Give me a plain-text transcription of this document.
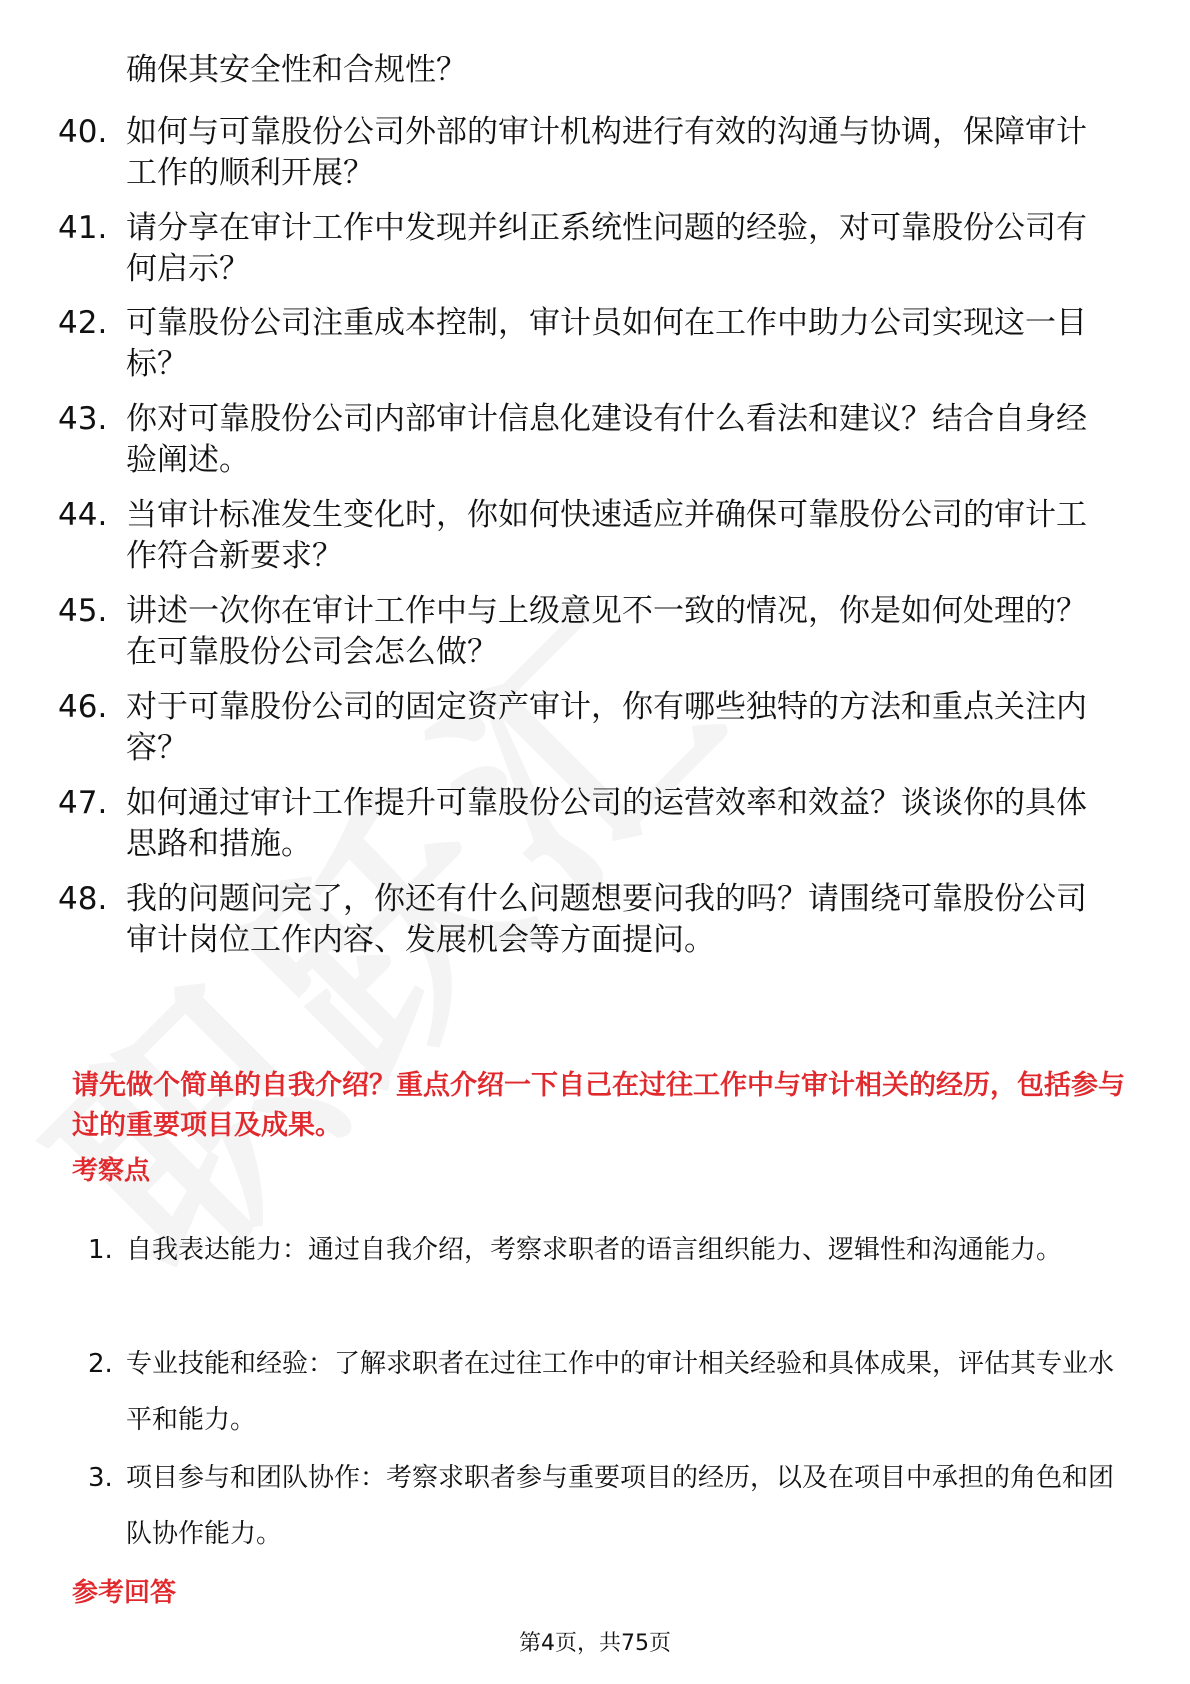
确保其安全性和合规性？
40. 如何与可靠股份公司外部的审计机构进行有效的沟通与协调，保障审计工作的顺利开展？
41. 请分享在审计工作中发现并纠正系统性问题的经验，对可靠股份公司有何启示？
42. 可靠股份公司注重成本控制，审计员如何在工作中助力公司实现这一目标？
43. 你对可靠股份公司内部审计信息化建设有什么看法和建议？结合自身经验阐述。
44. 当审计标准发生变化时，你如何快速适应并确保可靠股份公司的审计工作符合新要求？
45. 讲述一次你在审计工作中与上级意见不一致的情况，你是如何处理的？在可靠股份公司会怎么做？
46. 对于可靠股份公司的固定资产审计，你有哪些独特的方法和重点关注内容？
47. 如何通过审计工作提升可靠股份公司的运营效率和效益？谈谈你的具体思路和措施。
48. 我的问题问完了，你还有什么问题想要问我的吗？请围绕可靠股份公司审计岗位工作内容、发展机会等方面提问。
请先做个简单的自我介绍？重点介绍一下自己在过往工作中与审计相关的经历，包括参与过的重要项目及成果。
考察点
1. 自我表达能力：通过自我介绍，考察求职者的语言组织能力、逻辑性和沟通能力。
2. 专业技能和经验：了解求职者在过往工作中的审计相关经验和具体成果，评估其专业水平和能力。
3. 项目参与和团队协作：考察求职者参与重要项目的经历，以及在项目中承担的角色和团队协作能力。
参考回答
第4页，共75页
